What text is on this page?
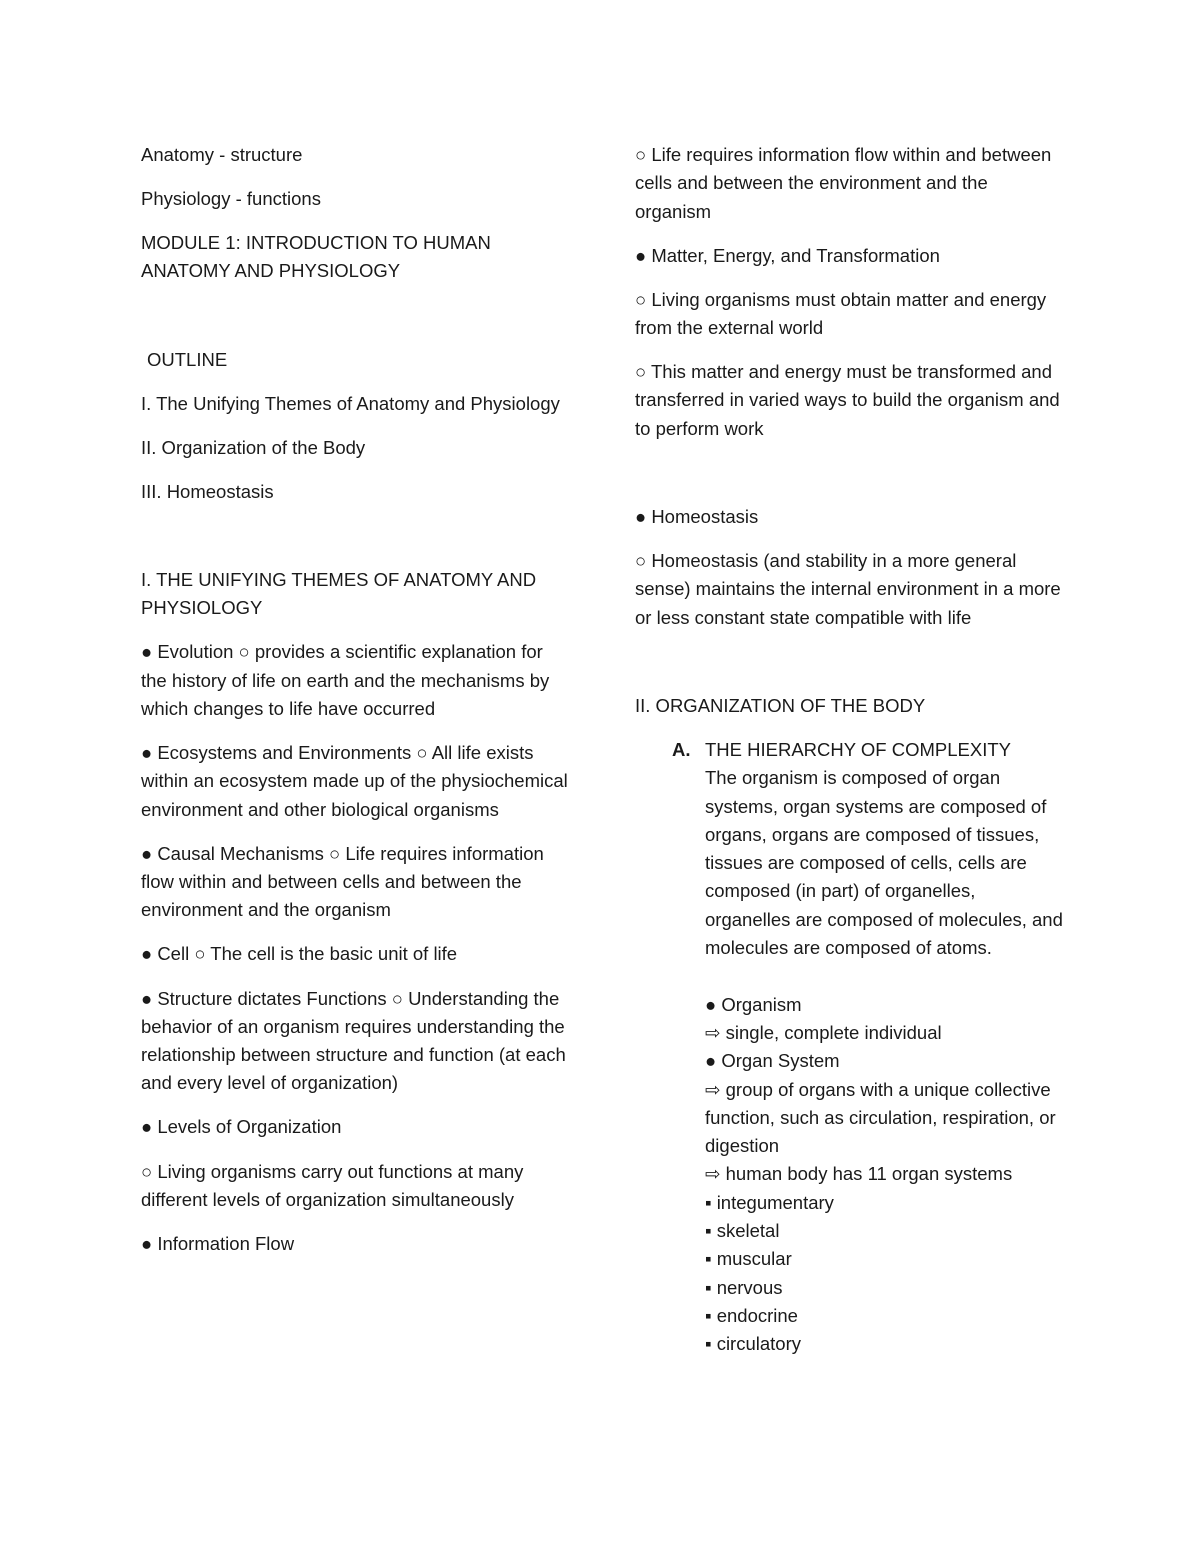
Anatomy - structure

Physiology - functions

MODULE 1: INTRODUCTION TO HUMAN ANATOMY AND PHYSIOLOGY

OUTLINE

I. The Unifying Themes of Anatomy and Physiology

II. Organization of the Body

III. Homeostasis

I. THE UNIFYING THEMES OF ANATOMY AND PHYSIOLOGY

● Evolution ○ provides a scientific explanation for the history of life on earth and the mechanisms by which changes to life have occurred

● Ecosystems and Environments ○ All life exists within an ecosystem made up of the physiochemical environment and other biological organisms

● Causal Mechanisms ○ Life requires information flow within and between cells and between the environment and the organism

● Cell ○ The cell is the basic unit of life

● Structure dictates Functions ○ Understanding the behavior of an organism requires understanding the relationship between structure and function (at each and every level of organization)

● Levels of Organization

○ Living organisms carry out functions at many different levels of organization simultaneously

● Information Flow

○ Life requires information flow within and between cells and between the environment and the organism

● Matter, Energy, and Transformation

○ Living organisms must obtain matter and energy from the external world

○ This matter and energy must be transformed and transferred in varied ways to build the organism and to perform work

● Homeostasis

○ Homeostasis (and stability in a more general sense) maintains the internal environment in a more or less constant state compatible with life

II. ORGANIZATION OF THE BODY

A. THE HIERARCHY OF COMPLEXITY

The organism is composed of organ systems, organ systems are composed of organs, organs are composed of tissues, tissues are composed of cells, cells are composed (in part) of organelles, organelles are composed of molecules, and molecules are composed of atoms.

● Organism

⇨ single, complete individual

● Organ System

⇨ group of organs with a unique collective function, such as circulation, respiration, or digestion

⇨ human body has 11 organ systems

▪ integumentary

▪ skeletal

▪ muscular

▪ nervous

▪ endocrine

▪ circulatory
